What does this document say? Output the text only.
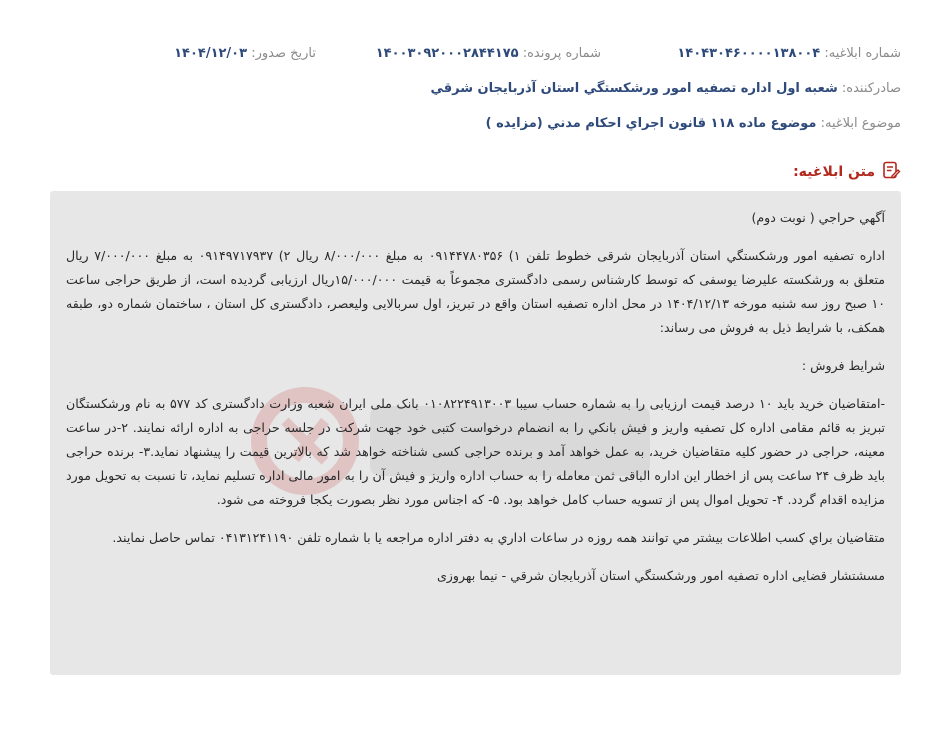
شماره ابلاغیه: ۱۴۰۴۳۰۴۶۰۰۰۰۱۳۸۰۰۴
شماره پرونده: ۱۴۰۰۳۰۹۲۰۰۰۲۸۴۴۱۷۵
تاریخ صدور: ۱۴۰۴/۱۲/۰۳
صادرکننده: شعبه اول اداره تصفيه امور ورشكستگي استان آذربايجان شرقي
موضوع ابلاغیه: موضوع ماده ۱۱۸ قانون اجراي احكام مدني (مزايده )
متن ابلاغیه:

آگهي حراجي ( نوبت دوم)

اداره تصفيه امور ورشكستگي استان آذربايجان شرقی خطوط تلفن ۱) ۰۹۱۴۴۷۸۰۳۵۶ به مبلغ ۸/۰۰۰/۰۰۰ ريال ۲) ۰۹۱۴۹۷۱۷۹۳۷ به مبلغ ۷/۰۰۰/۰۰۰ ريال متعلق به ورشكسته عليرضا يوسفی كه توسط كارشناس رسمی دادگستری مجموعاً به قیمت ۱۵/۰۰۰/۰۰۰ريال ارزيابی گرديده است، از طريق حراجی ساعت ۱۰ صبح روز سه شنبه مورخه ۱۴۰۴/۱۲/۱۳ در محل اداره تصفیه استان واقع در تبريز، اول سربالايی وليعصر، دادگستری كل استان ، ساختمان شماره دو، طبقه همكف، با شرايط ذيل به فروش می رساند:

شرايط فروش :

-امتقاضيان خريد بايد ۱۰ درصد قيمت ارزيابی را به شماره حساب سيبا ۰۱۰۸۲۲۴۹۱۳۰۰۳ بانک ملی ايران شعبه وزارت دادگستری كد ۵۷۷ به نام ورشكستگان تبريز به قائم مقامی اداره كل تصفيه واريز و فيش بانكي را به انضمام درخواست كتبی خود جهت شركت در جلسه حراجی به اداره ارائه نمايند. ۲-در ساعت معينه، حراجی در حضور كليه متقاضيان خريد، به عمل خواهد آمد و برنده حراجی كسی شناخته خواهد شد كه بالاترين قيمت را پيشنهاد نمايد.۳- برنده حراجی بايد ظرف ۲۴ ساعت پس از اخطار اين اداره الباقی ثمن معامله را به حساب اداره واريز و فيش آن را به امور مالی اداره تسليم نمايد، تا نسبت به تحويل مورد مزايده اقدام گردد. ۴- تحويل اموال پس از تسويه حساب كامل خواهد بود. ۵- كه اجناس مورد نظر بصورت يكجا فروخته می شود.

متقاضيان براي كسب اطلاعات بيشتر مي توانند همه روزه در ساعات اداري به دفتر اداره مراجعه يا با شماره تلفن ۰۴۱۳۱۲۴۱۱۹۰ تماس حاصل نمايند.

مسشتشار قضايی اداره تصفيه امور ورشكستگي استان آذربايجان شرقي - نيما بهروزی
